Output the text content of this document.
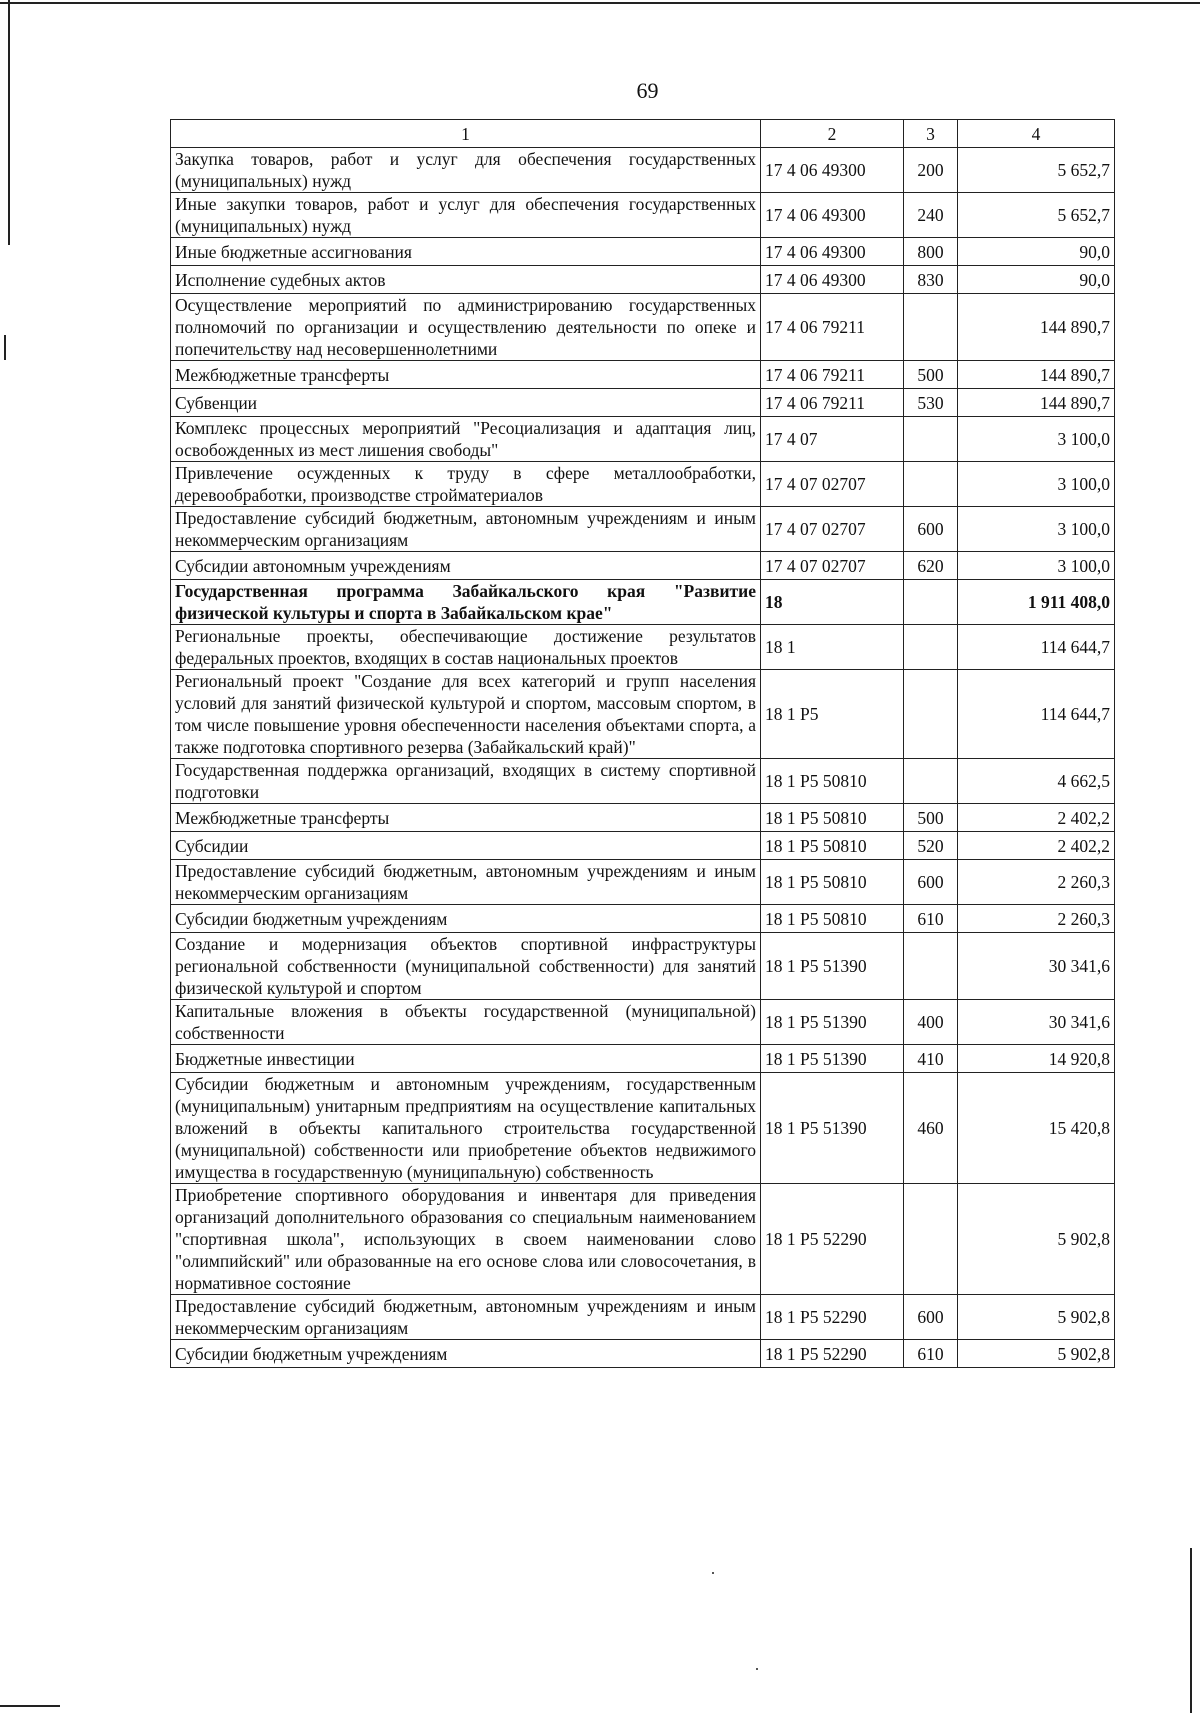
69
1	2	3	4
Закупка товаров, работ и услуг для обеспечения государственных (муниципальных) нужд	17 4 06 49300	200	5 652,7
Иные закупки товаров, работ и услуг для обеспечения государственных (муниципальных) нужд	17 4 06 49300	240	5 652,7
Иные бюджетные ассигнования	17 4 06 49300	800	90,0
Исполнение судебных актов	17 4 06 49300	830	90,0
Осуществление мероприятий по администрированию государственных полномочий по организации и осуществлению деятельности по опеке и попечительству над несовершеннолетними	17 4 06 79211		144 890,7
Межбюджетные трансферты	17 4 06 79211	500	144 890,7
Субвенции	17 4 06 79211	530	144 890,7
Комплекс процессных мероприятий "Ресоциализация и адаптация лиц, освобожденных из мест лишения свободы"	17 4 07		3 100,0
Привлечение осужденных к труду в сфере металлообработки, деревообработки, производстве стройматериалов	17 4 07 02707		3 100,0
Предоставление субсидий бюджетным, автономным учреждениям и иным некоммерческим организациям	17 4 07 02707	600	3 100,0
Субсидии автономным учреждениям	17 4 07 02707	620	3 100,0
Государственная программа Забайкальского края "Развитие физической культуры и спорта в Забайкальском крае"	18		1 911 408,0
Региональные проекты, обеспечивающие достижение результатов федеральных проектов, входящих в состав национальных проектов	18 1		114 644,7
Региональный проект "Создание для всех категорий и групп населения условий для занятий физической культурой и спортом, массовым спортом, в том числе повышение уровня обеспеченности населения объектами спорта, а также подготовка спортивного резерва (Забайкальский край)"	18 1 P5		114 644,7
Государственная поддержка организаций, входящих в систему спортивной подготовки	18 1 P5 50810		4 662,5
Межбюджетные трансферты	18 1 P5 50810	500	2 402,2
Субсидии	18 1 P5 50810	520	2 402,2
Предоставление субсидий бюджетным, автономным учреждениям и иным некоммерческим организациям	18 1 P5 50810	600	2 260,3
Субсидии бюджетным учреждениям	18 1 P5 50810	610	2 260,3
Создание и модернизация объектов спортивной инфраструктуры региональной собственности (муниципальной собственности) для занятий физической культурой и спортом	18 1 P5 51390		30 341,6
Капитальные вложения в объекты государственной (муниципальной) собственности	18 1 P5 51390	400	30 341,6
Бюджетные инвестиции	18 1 P5 51390	410	14 920,8
Субсидии бюджетным и автономным учреждениям, государственным (муниципальным) унитарным предприятиям на осуществление капитальных вложений в объекты капитального строительства государственной (муниципальной) собственности или приобретение объектов недвижимого имущества в государственную (муниципальную) собственность	18 1 P5 51390	460	15 420,8
Приобретение спортивного оборудования и инвентаря для приведения организаций дополнительного образования со специальным наименованием "спортивная школа", использующих в своем наименовании слово "олимпийский" или образованные на его основе слова или словосочетания, в нормативное состояние	18 1 P5 52290		5 902,8
Предоставление субсидий бюджетным, автономным учреждениям и иным некоммерческим организациям	18 1 P5 52290	600	5 902,8
Субсидии бюджетным учреждениям	18 1 P5 52290	610	5 902,8
